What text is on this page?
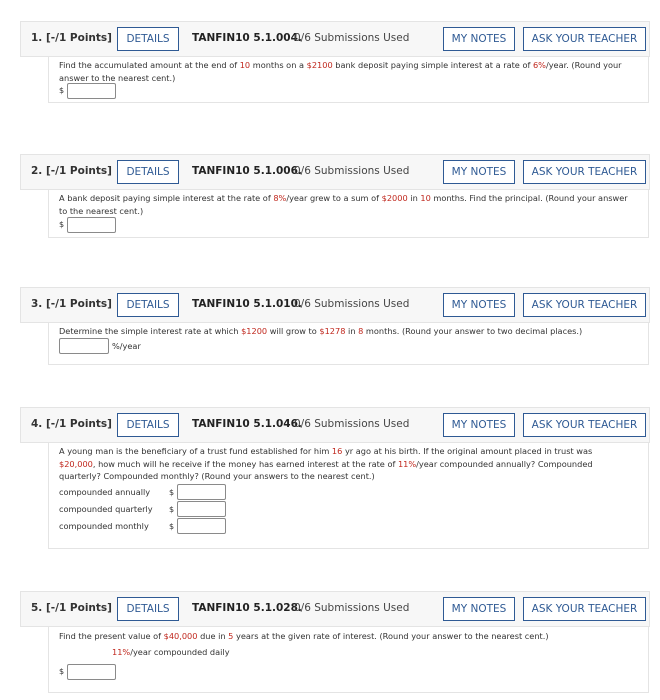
1. [-/1 Points]	DETAILS	TANFIN10 5.1.004.
0/6 Submissions Used	MY NOTES	ASK YOUR TEACHER
Find the accumulated amount at the end of 10 months on a $2100 bank deposit paying simple interest at a rate of 6%/year. (Round your answer to the nearest cent.)
$
2. [-/1 Points]	DETAILS	TANFIN10 5.1.006.
0/6 Submissions Used	MY NOTES	ASK YOUR TEACHER
A bank deposit paying simple interest at the rate of 8%/year grew to a sum of $2000 in 10 months. Find the principal. (Round your answer to the nearest cent.)
$
3. [-/1 Points]	DETAILS	TANFIN10 5.1.010.
0/6 Submissions Used	MY NOTES	ASK YOUR TEACHER
Determine the simple interest rate at which $1200 will grow to $1278 in 8 months. (Round your answer to two decimal places.)
%/year
4. [-/1 Points]	DETAILS	TANFIN10 5.1.046.
0/6 Submissions Used	MY NOTES	ASK YOUR TEACHER
A young man is the beneficiary of a trust fund established for him 16 yr ago at his birth. If the original amount placed in trust was $20,000, how much will he receive if the money has earned interest at the rate of 11%/year compounded annually? Compounded quarterly? Compounded monthly? (Round your answers to the nearest cent.)
compounded annually $
compounded quarterly $
compounded monthly	$
5. [-/1 Points]	DETAILS	TANFIN10 5.1.028.
0/6 Submissions Used	MY NOTES	ASK YOUR TEACHER
Find the present value of $40,000 due in 5 years at the given rate of interest. (Round your answer to the nearest cent.)
11%/year compounded daily
$
